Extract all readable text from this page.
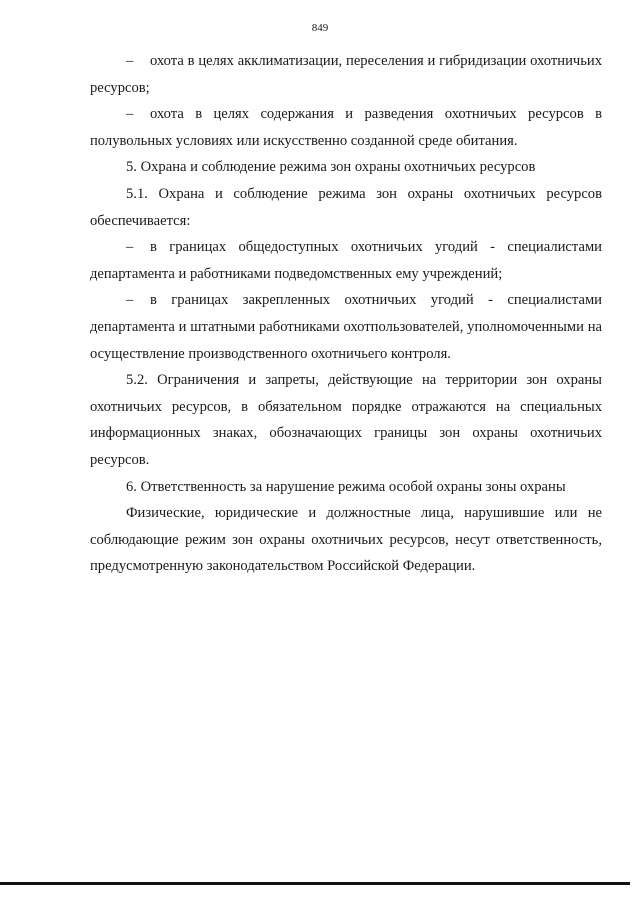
849

– охота в целях акклиматизации, переселения и гибридизации охотничьих ресурсов;

– охота в целях содержания и разведения охотничьих ресурсов в полувольных условиях или искусственно созданной среде обитания.

5. Охрана и соблюдение режима зон охраны охотничьих ресурсов

5.1. Охрана и соблюдение режима зон охраны охотничьих ресурсов обеспечивается:

– в границах общедоступных охотничьих угодий - специалистами департамента и работниками подведомственных ему учреждений;

– в границах закрепленных охотничьих угодий - специалистами департамента и штатными работниками охотпользователей, уполномоченными на осуществление производственного охотничьего контроля.

5.2. Ограничения и запреты, действующие на территории зон охраны охотничьих ресурсов, в обязательном порядке отражаются на специальных информационных знаках, обозначающих границы зон охраны охотничьих ресурсов.

6. Ответственность за нарушение режима особой охраны зоны охраны

Физические, юридические и должностные лица, нарушившие или не соблюдающие режим зон охраны охотничьих ресурсов, несут ответственность, предусмотренную законодательством Российской Федерации.
